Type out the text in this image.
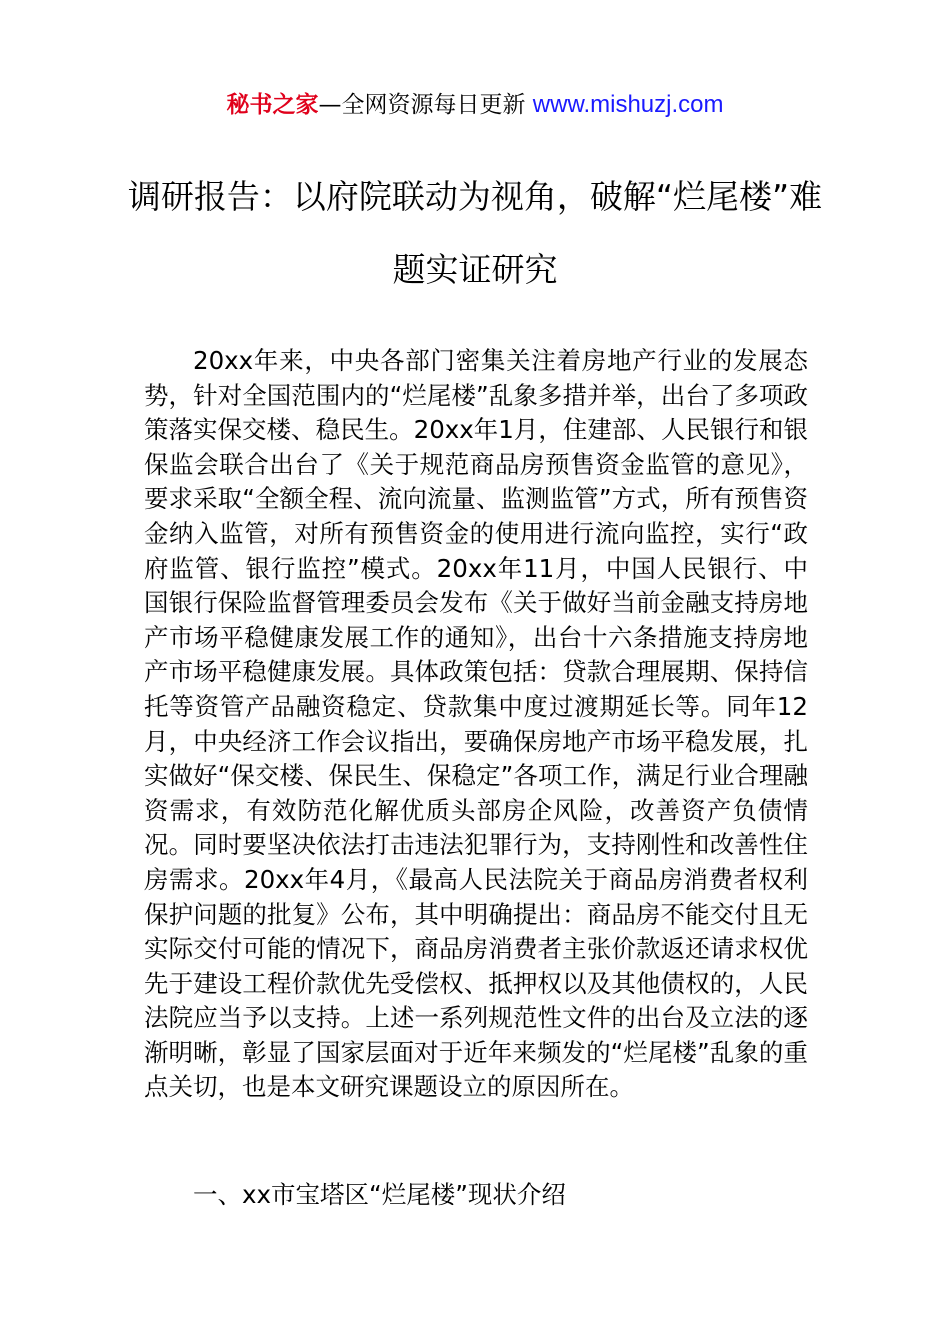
秘书之家—全网资源每日更新 www.mishuzj.com
调研报告：以府院联动为视角，破解“烂尾楼”难题实证研究

20xx年来，中央各部门密集关注着房地产行业的发展态势，针对全国范围内的“烂尾楼”乱象多措并举，出台了多项政策落实保交楼、稳民生。20xx年1月，住建部、人民银行和银保监会联合出台了《关于规范商品房预售资金监管的意见》，要求采取“全额全程、流向流量、监测监管”方式，所有预售资金纳入监管，对所有预售资金的使用进行流向监控，实行“政府监管、银行监控”模式。20xx年11月，中国人民银行、中国银行保险监督管理委员会发布《关于做好当前金融支持房地产市场平稳健康发展工作的通知》，出台十六条措施支持房地产市场平稳健康发展。具体政策包括：贷款合理展期、保持信托等资管产品融资稳定、贷款集中度过渡期延长等。同年12月，中央经济工作会议指出，要确保房地产市场平稳发展，扎实做好“保交楼、保民生、保稳定”各项工作，满足行业合理融资需求，有效防范化解优质头部房企风险，改善资产负债情况。同时要坚决依法打击违法犯罪行为，支持刚性和改善性住房需求。20xx年4月，《最高人民法院关于商品房消费者权利保护问题的批复》公布，其中明确提出：商品房不能交付且无实际交付可能的情况下，商品房消费者主张价款返还请求权优先于建设工程价款优先受偿权、抵押权以及其他债权的，人民法院应当予以支持。上述一系列规范性文件的出台及立法的逐渐明晰，彰显了国家层面对于近年来频发的“烂尾楼”乱象的重点关切，也是本文研究课题设立的原因所在。

一、xx市宝塔区“烂尾楼”现状介绍
